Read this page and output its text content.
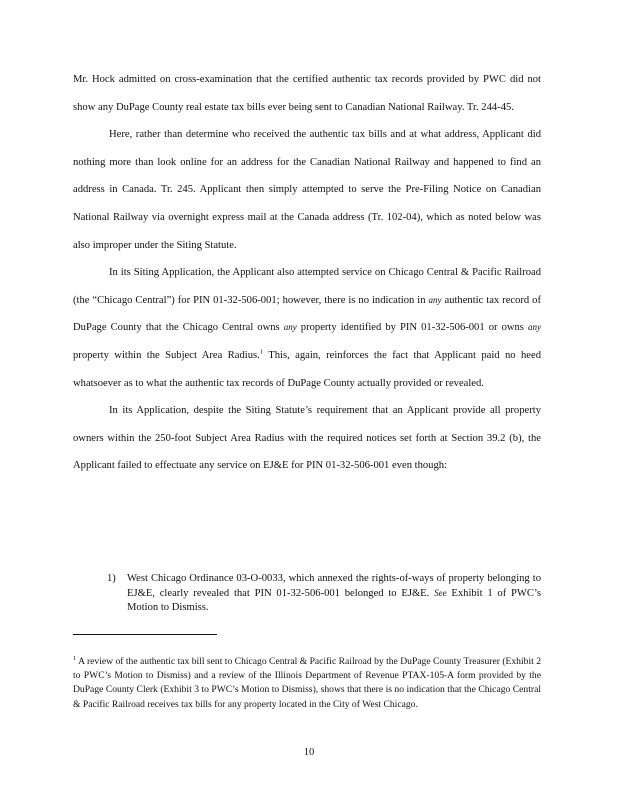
Mr. Hock admitted on cross-examination that the certified authentic tax records provided by PWC did not show any DuPage County real estate tax bills ever being sent to Canadian National Railway. Tr. 244-45.

Here, rather than determine who received the authentic tax bills and at what address, Applicant did nothing more than look online for an address for the Canadian National Railway and happened to find an address in Canada. Tr. 245. Applicant then simply attempted to serve the Pre-Filing Notice on Canadian National Railway via overnight express mail at the Canada address (Tr. 102-04), which as noted below was also improper under the Siting Statute.

In its Siting Application, the Applicant also attempted service on Chicago Central & Pacific Railroad (the “Chicago Central”) for PIN 01-32-506-001; however, there is no indication in any authentic tax record of DuPage County that the Chicago Central owns any property identified by PIN 01-32-506-001 or owns any property within the Subject Area Radius.$^1$ This, again, reinforces the fact that Applicant paid no heed whatsoever as to what the authentic tax records of DuPage County actually provided or revealed.

In its Application, despite the Siting Statute’s requirement that an Applicant provide all property owners within the 250-foot Subject Area Radius with the required notices set forth at Section 39.2 (b), the Applicant failed to effectuate any service on EJ&E for PIN 01-32-506-001 even though:

1)	West Chicago Ordinance 03-O-0033, which annexed the rights-of-ways of property belonging to EJ&E, clearly revealed that PIN 01-32-506-001 belonged to EJ&E. See Exhibit 1 of PWC’s Motion to Dismiss.

$^1$ A review of the authentic tax bill sent to Chicago Central & Pacific Railroad by the DuPage County Treasurer (Exhibit 2 to PWC’s Motion to Dismiss) and a review of the Illinois Department of Revenue PTAX-105-A form provided by the DuPage County Clerk (Exhibit 3 to PWC’s Motion to Dismiss), shows that there is no indication that the Chicago Central & Pacific Railroad receives tax bills for any property located in the City of West Chicago.

10
